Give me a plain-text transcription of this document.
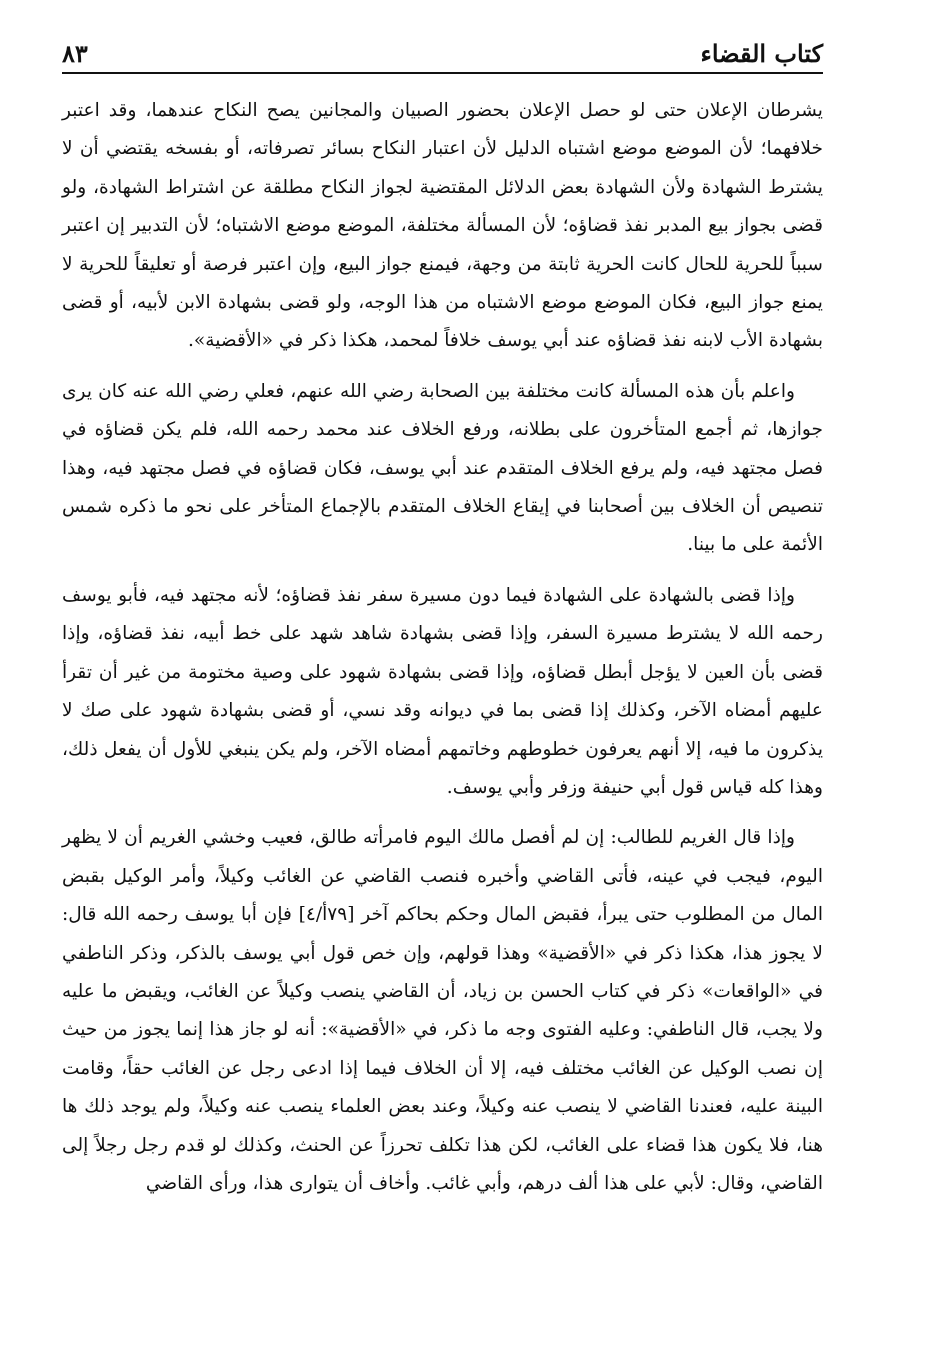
كتاب القضاء
٨٣

يشرطان الإعلان حتى لو حصل الإعلان بحضور الصبيان والمجانين يصح النكاح عندهما، وقد اعتبر خلافهما؛ لأن الموضع موضع اشتباه الدليل لأن اعتبار النكاح بسائر تصرفاته، أو بفسخه يقتضي أن لا يشترط الشهادة ولأن الشهادة بعض الدلائل المقتضية لجواز النكاح مطلقة عن اشتراط الشهادة، ولو قضى بجواز بيع المدبر نفذ قضاؤه؛ لأن المسألة مختلفة، الموضع موضع الاشتباه؛ لأن التدبير إن اعتبر سبباً للحرية للحال كانت الحرية ثابتة من وجهة، فيمنع جواز البيع، وإن اعتبر فرصة أو تعليقاً للحرية لا يمنع جواز البيع، فكان الموضع موضع الاشتباه من هذا الوجه، ولو قضى بشهادة الابن لأبيه، أو قضى بشهادة الأب لابنه نفذ قضاؤه عند أبي يوسف خلافاً لمحمد، هكذا ذكر في «الأقضية».

واعلم بأن هذه المسألة كانت مختلفة بين الصحابة رضي الله عنهم، فعلي رضي الله عنه كان يرى جوازها، ثم أجمع المتأخرون على بطلانه، ورفع الخلاف عند محمد رحمه الله، فلم يكن قضاؤه في فصل مجتهد فيه، ولم يرفع الخلاف المتقدم عند أبي يوسف، فكان قضاؤه في فصل مجتهد فيه، وهذا تنصيص أن الخلاف بين أصحابنا في إيقاع الخلاف المتقدم بالإجماع المتأخر على نحو ما ذكره شمس الأئمة على ما بينا.

وإذا قضى بالشهادة على الشهادة فيما دون مسيرة سفر نفذ قضاؤه؛ لأنه مجتهد فيه، فأبو يوسف رحمه الله لا يشترط مسيرة السفر، وإذا قضى بشهادة شاهد شهد على خط أبيه، نفذ قضاؤه، وإذا قضى بأن العين لا يؤجل أبطل قضاؤه، وإذا قضى بشهادة شهود على وصية مختومة من غير أن تقرأ عليهم أمضاه الآخر، وكذلك إذا قضى بما في ديوانه وقد نسي، أو قضى بشهادة شهود على صك لا يذكرون ما فيه، إلا أنهم يعرفون خطوطهم وخاتمهم أمضاه الآخر، ولم يكن ينبغي للأول أن يفعل ذلك، وهذا كله قياس قول أبي حنيفة وزفر وأبي يوسف.

وإذا قال الغريم للطالب: إن لم أفصل مالك اليوم فامرأته طالق، فعيب وخشي الغريم أن لا يظهر اليوم، فيجب في عينه، فأتى القاضي وأخبره فنصب القاضي عن الغائب وكيلاً، وأمر الوكيل بقبض المال من المطلوب حتى يبرأ، فقبض المال وحكم بحاكم آخر [٧٩أ/٤] فإن أبا يوسف رحمه الله قال: لا يجوز هذا، هكذا ذكر في «الأقضية» وهذا قولهم، وإن خص قول أبي يوسف بالذكر، وذكر الناطفي في «الواقعات» ذكر في كتاب الحسن بن زياد، أن القاضي ينصب وكيلاً عن الغائب، ويقبض ما عليه ولا يجب، قال الناطفي: وعليه الفتوى وجه ما ذكر، في «الأقضية»: أنه لو جاز هذا إنما يجوز من حيث إن نصب الوكيل عن الغائب مختلف فيه، إلا أن الخلاف فيما إذا ادعى رجل عن الغائب حقاً، وقامت البينة عليه، فعندنا القاضي لا ينصب عنه وكيلاً، وعند بعض العلماء ينصب عنه وكيلاً، ولم يوجد ذلك ها هنا، فلا يكون هذا قضاء على الغائب، لكن هذا تكلف تحرزاً عن الحنث، وكذلك لو قدم رجل رجلاً إلى القاضي، وقال: لأبي على هذا ألف درهم، وأبي غائب. وأخاف أن يتوارى هذا، ورأى القاضي
